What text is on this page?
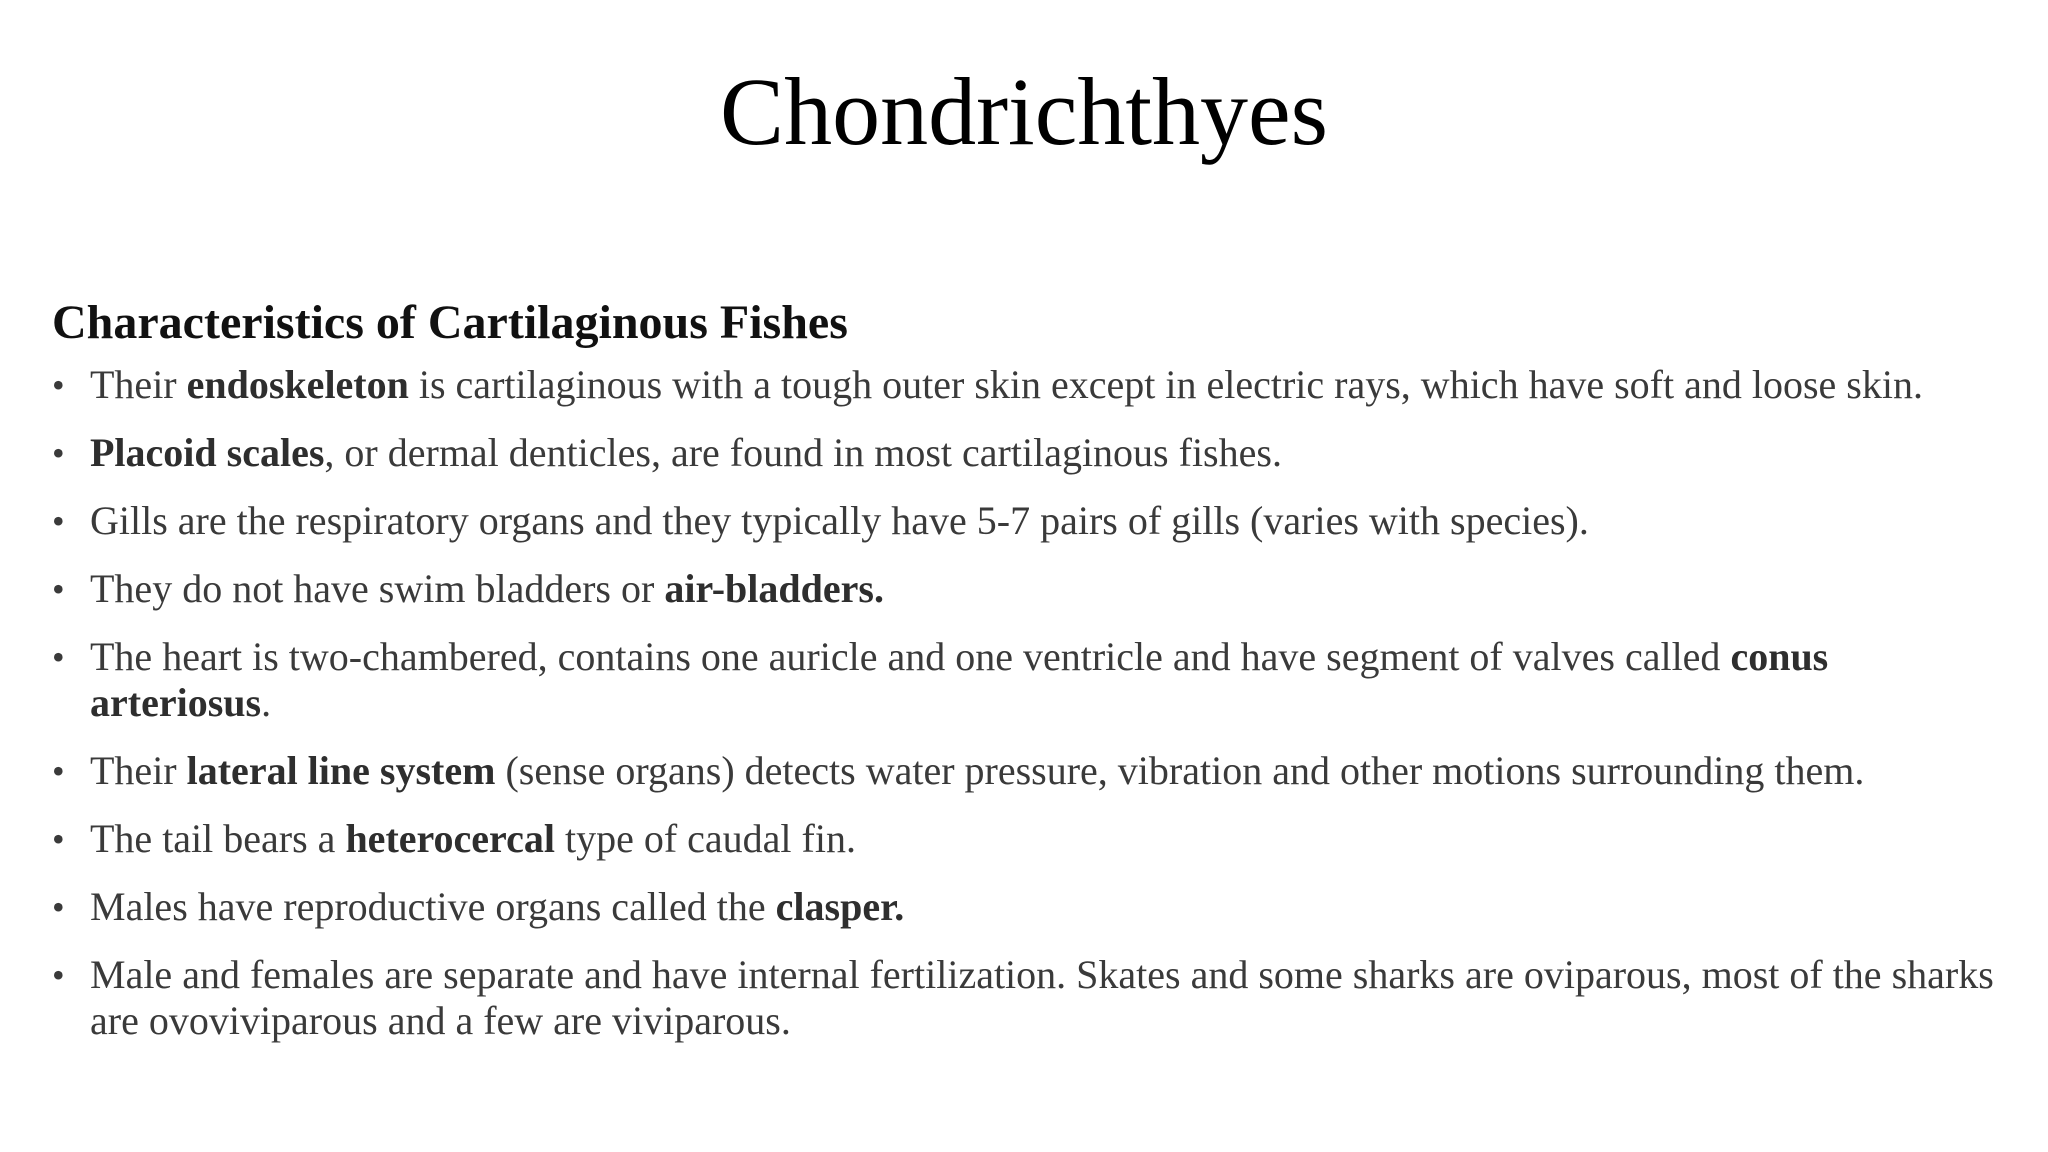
Chondrichthyes
Characteristics of Cartilaginous Fishes
• Their endoskeleton is cartilaginous with a tough outer skin except in electric rays, which have soft and loose skin.
• Placoid scales, or dermal denticles, are found in most cartilaginous fishes.
• Gills are the respiratory organs and they typically have 5-7 pairs of gills (varies with species).
• They do not have swim bladders or air-bladders.
• The heart is two-chambered, contains one auricle and one ventricle and have segment of valves called conus arteriosus.
• Their lateral line system (sense organs) detects water pressure, vibration and other motions surrounding them.
• The tail bears a heterocercal type of caudal fin.
• Males have reproductive organs called the clasper.
• Male and females are separate and have internal fertilization. Skates and some sharks are oviparous, most of the sharks are ovoviviparous and a few are viviparous.
